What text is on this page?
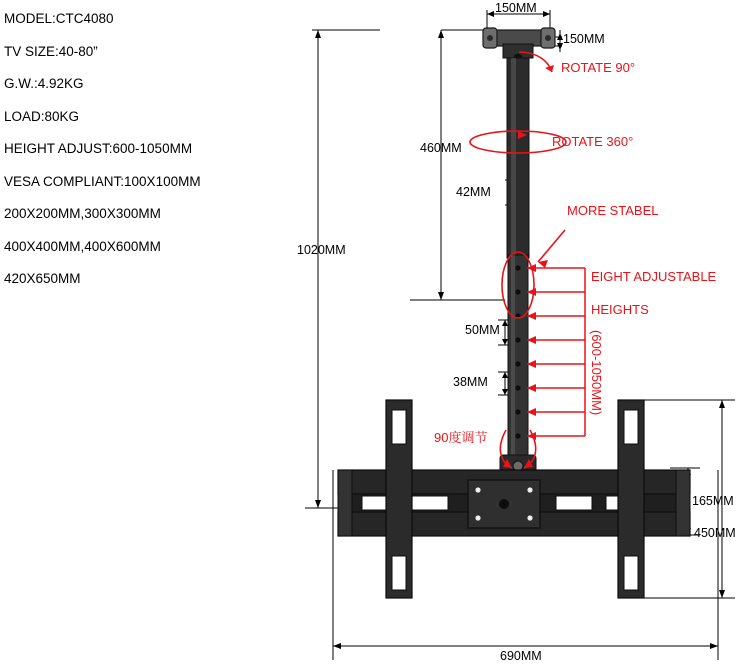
MODEL:CTC4080
TV SIZE:40-80”
G.W.:4.92KG
LOAD:80KG
HEIGHT ADJUST:600-1050MM
VESA COMPLIANT:100X100MM
200X200MM,300X300MM
400X400MM,400X600MM
420X650MM
150MM
150MM
460MM
42MM
1020MM
50MM
38MM
165MM
450MM
690MM
ROTATE 90°
ROTATE 360°
MORE STABEL
EIGHT ADJUSTABLE
HEIGHTS
(600-1050MM)
90度调节
